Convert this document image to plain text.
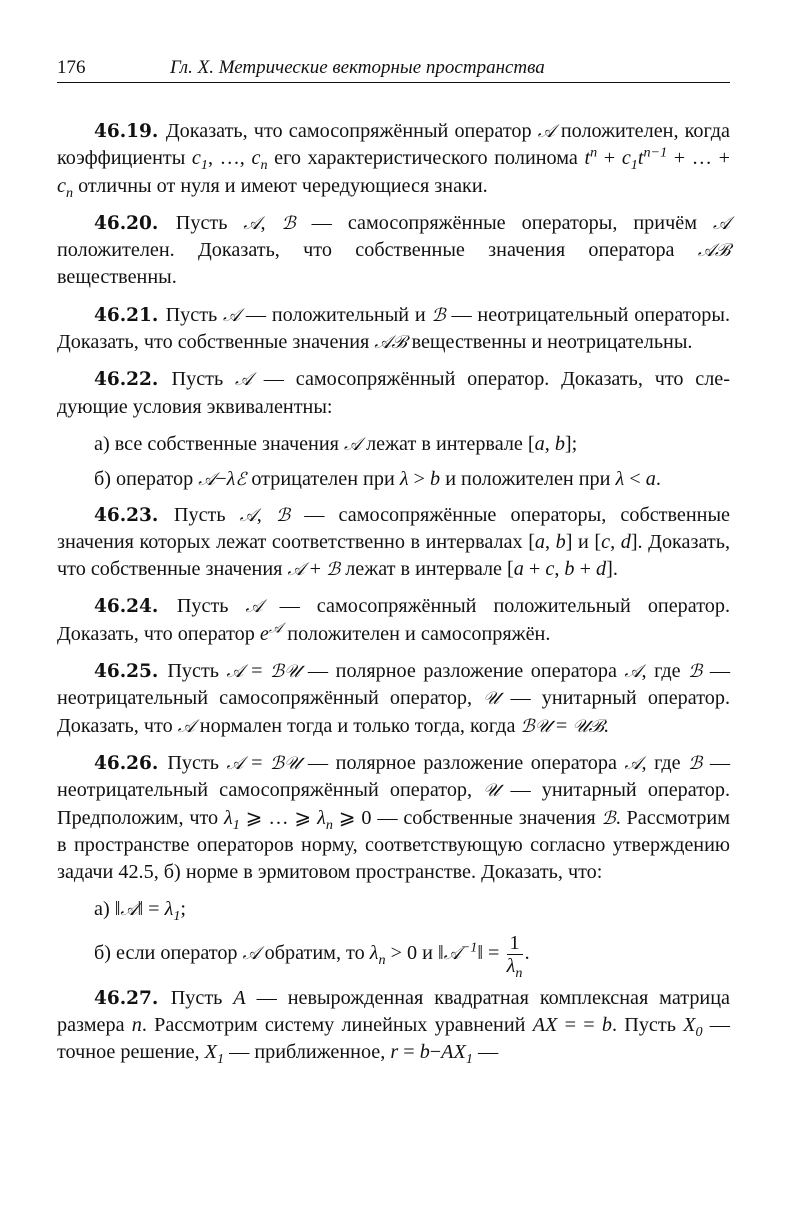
176	Гл. X. Метрические векторные пространства

46.19. Доказать, что самосопряжённый оператор 𝒜 положителен, когда коэффициенты $c_1$, …, $c_n$ его характеристического полинома $t^n + c_1t^{n-1}$ + … + $c_n$ отличны от нуля и имеют чередующиеся знаки.

46.20. Пусть 𝒜, ℬ — самосопряжённые операторы, причём 𝒜 положителен. Доказать, что собственные значения оператора 𝒜ℬ вещественны.

46.21. Пусть 𝒜 — положительный и ℬ — неотрицательный операторы. Доказать, что собственные значения 𝒜ℬ вещественны и неотрицательны.

46.22. Пусть 𝒜 — самосопряжённый оператор. Доказать, что следующие условия эквивалентны:

а) все собственные значения 𝒜 лежат в интервале [a, b];

б) оператор 𝒜−λℰ отрицателен при λ > b и положителен при λ < a.

46.23. Пусть 𝒜, ℬ — самосопряжённые операторы, собственные значения которых лежат соответственно в интервалах [a, b] и [c, d]. Доказать, что собственные значения 𝒜 + ℬ лежат в интервале [a + c, b + d].

46.24. Пусть 𝒜 — самосопряжённый положительный оператор. Доказать, что оператор $e^𝒜$ положителен и самосопряжён.

46.25. Пусть 𝒜 = ℬ𝒰 — полярное разложение оператора 𝒜, где ℬ — неотрицательный самосопряжённый оператор, 𝒰 — унитарный оператор. Доказать, что 𝒜 нормален тогда и только тогда, когда ℬ𝒰 = 𝒰ℬ.

46.26. Пусть 𝒜 = ℬ𝒰 — полярное разложение оператора 𝒜, где ℬ — неотрицательный самосопряжённый оператор, 𝒰 — унитарный оператор. Предположим, что $\lambda_1$ ⩾ … ⩾ $\lambda_n$ ⩾ 0 — собственные значения ℬ. Рассмотрим в пространстве операторов норму, соответствующую согласно утверждению задачи 42.5, б) норме в эрмитовом пространстве. Доказать, что:

а) ‖𝒜‖ = $\lambda_1$;

б) если оператор 𝒜 обратим, то $\lambda_n > 0$ и ‖𝒜$^{-1}$‖ = $\frac{1}{\lambda_n}$ .

46.27. Пусть A — невырожденная квадратная комплексная матрица размера n. Рассмотрим систему линейных уравнений AX = = b. Пусть $X_0$ — точное решение, $X_1$ — приближенное, $r = b-AX_1$ —
